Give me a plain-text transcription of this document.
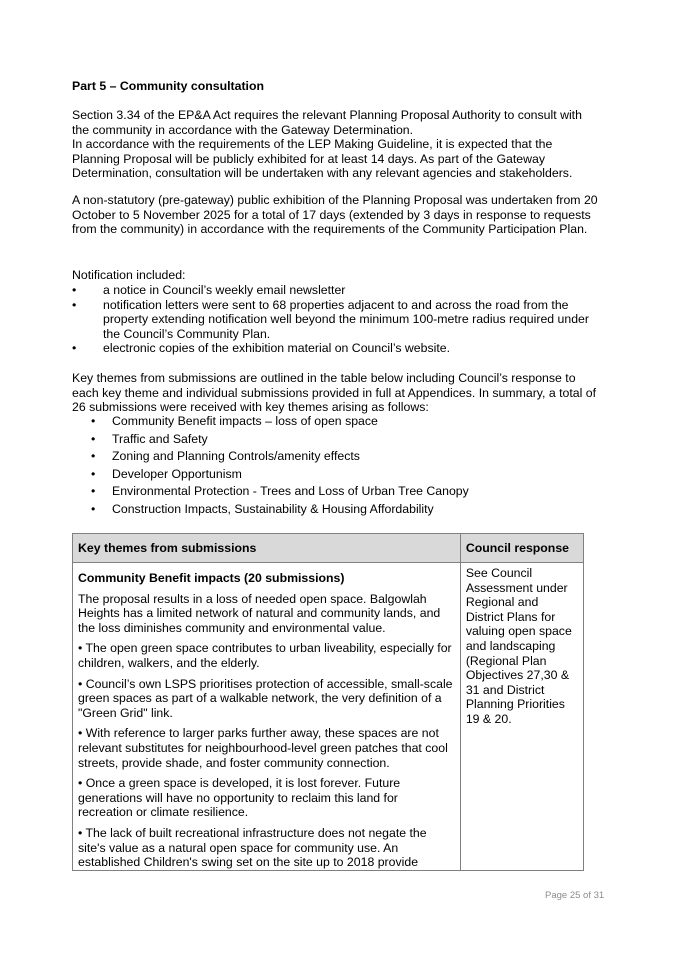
Part 5 – Community consultation

Section 3.34 of the EP&A Act requires the relevant Planning Proposal Authority to consult with the community in accordance with the Gateway Determination.

In accordance with the requirements of the LEP Making Guideline, it is expected that the Planning Proposal will be publicly exhibited for at least 14 days. As part of the Gateway Determination, consultation will be undertaken with any relevant agencies and stakeholders.

A non-statutory (pre-gateway) public exhibition of the Planning Proposal was undertaken from 20 October to 5 November 2025 for a total of 17 days (extended by 3 days in response to requests from the community) in accordance with the requirements of the Community Participation Plan.

Notification included:

• a notice in Council’s weekly email newsletter
• notification letters were sent to 68 properties adjacent to and across the road from the property extending notification well beyond the minimum 100-metre radius required under the Council’s Community Plan.
• electronic copies of the exhibition material on Council’s website.

Key themes from submissions are outlined in the table below including Council’s response to each key theme and individual submissions provided in full at Appendices. In summary, a total of 26 submissions were received with key themes arising as follows:

• Community Benefit impacts – loss of open space
• Traffic and Safety
• Zoning and Planning Controls/amenity effects
• Developer Opportunism
• Environmental Protection - Trees and Loss of Urban Tree Canopy
• Construction Impacts, Sustainability & Housing Affordability
Key themes from submissions	Council response

Community Benefit impacts (20 submissions)

The proposal results in a loss of needed open space. Balgowlah Heights has a limited network of natural and community lands, and the loss diminishes community and environmental value.

• The open green space contributes to urban liveability, especially for children, walkers, and the elderly.

• Council’s own LSPS prioritises protection of accessible, small-scale green spaces as part of a walkable network, the very definition of a "Green Grid" link.

• With reference to larger parks further away, these spaces are not relevant substitutes for neighbourhood-level green patches that cool streets, provide shade, and foster community connection.

• Once a green space is developed, it is lost forever. Future generations will have no opportunity to reclaim this land for recreation or climate resilience.

• The lack of built recreational infrastructure does not negate the site's value as a natural open space for community use. An established Children's swing set on the site up to 2018 provide

	See Council Assessment under Regional and District Plans for valuing open space and landscaping (Regional Plan Objectives 27,30 & 31 and District Planning Priorities 19 & 20.
Page 25 of 31
